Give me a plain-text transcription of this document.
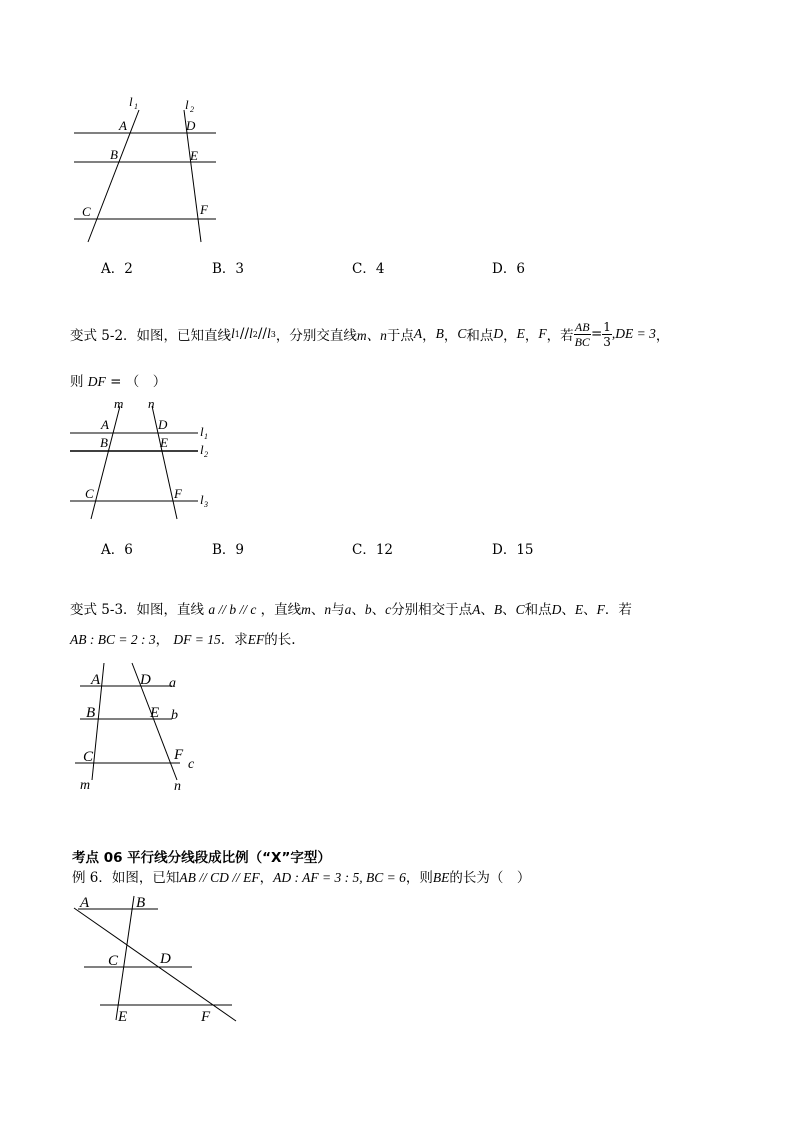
l 1	l 2
A	D
B	E
C	F
A．2	B．3	C．4	D．6
变式 5-2．如图，已知直线 l 1 // l 2 // l 3 ，分别交直线 m、n 于点 A ， B ， C 和点 D ， E ， F ，若 $\frac{AB}{BC} = \frac{1}{3} ,DE = 3$ ，
则 DF = （　）
m n
A	D
B	E
C	F
l 1
l 2
l 3
A．6	B．9	C．12	D．15
变式 5-3．如图，直线 a // b // c ，直线m、n与a、b、c分别相交于点A、B、C和点D、E、F．若
AB : BC = 2 : 3， DF = 15．求EF的长.
A	D a
B	E b
C	F
c
m	n
考点 06 平行线分线段成比例（“X”字型）
例 6．如图，已知AB // CD // EF，AD : AF = 3 : 5, BC = 6，则BE的长为（　）
A	B
C	D
E	F
